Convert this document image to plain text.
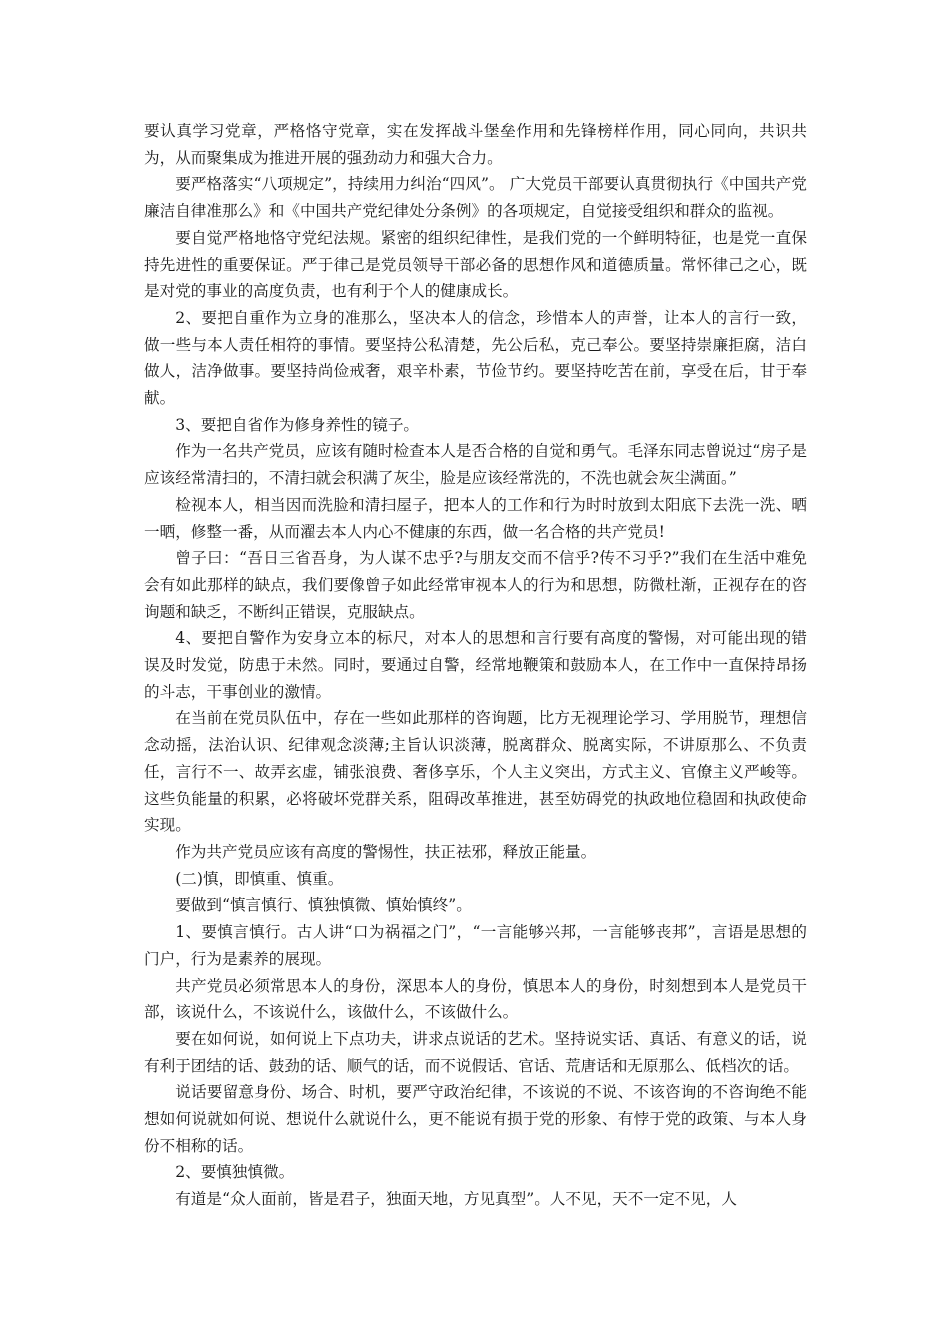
要认真学习党章，严格恪守党章，实在发挥战斗堡垒作用和先锋榜样作用，同心同向，共识共为，从而聚集成为推进开展的强劲动力和强大合力。

要严格落实“八项规定”，持续用力纠治“四风”。 广大党员干部要认真贯彻执行《中国共产党廉洁自律准那么》和《中国共产党纪律处分条例》的各项规定，自觉接受组织和群众的监视。

要自觉严格地恪守党纪法规。紧密的组织纪律性，是我们党的一个鲜明特征，也是党一直保持先进性的重要保证。严于律己是党员领导干部必备的思想作风和道德质量。常怀律己之心，既是对党的事业的高度负责，也有利于个人的健康成长。

2、要把自重作为立身的准那么，坚决本人的信念，珍惜本人的声誉，让本人的言行一致，做一些与本人责任相符的事情。要坚持公私清楚，先公后私，克己奉公。要坚持崇廉拒腐，洁白做人，洁净做事。要坚持尚俭戒奢，艰辛朴素，节俭节约。要坚持吃苦在前，享受在后，甘于奉献。

3、要把自省作为修身养性的镜子。

作为一名共产党员，应该有随时检查本人是否合格的自觉和勇气。毛泽东同志曾说过“房子是应该经常清扫的，不清扫就会积满了灰尘，脸是应该经常洗的，不洗也就会灰尘满面。”

检视本人，相当因而洗脸和清扫屋子，把本人的工作和行为时时放到太阳底下去洗一洗、晒一晒，修整一番，从而濯去本人内心不健康的东西，做一名合格的共产党员!

曾子曰：“吾日三省吾身，为人谋不忠乎?与朋友交而不信乎?传不习乎?”我们在生活中难免会有如此那样的缺点，我们要像曾子如此经常审视本人的行为和思想，防微杜渐，正视存在的咨询题和缺乏，不断纠正错误，克服缺点。

4、要把自警作为安身立本的标尺，对本人的思想和言行要有高度的警惕，对可能出现的错误及时发觉，防患于未然。同时，要通过自警，经常地鞭策和鼓励本人，在工作中一直保持昂扬的斗志，干事创业的激情。

在当前在党员队伍中，存在一些如此那样的咨询题，比方无视理论学习、学用脱节，理想信念动摇，法治认识、纪律观念淡薄;主旨认识淡薄，脱离群众、脱离实际，不讲原那么、不负责任，言行不一、故弄玄虚，铺张浪费、奢侈享乐，个人主义突出，方式主义、官僚主义严峻等。这些负能量的积累，必将破坏党群关系，阻碍改革推进，甚至妨碍党的执政地位稳固和执政使命实现。

作为共产党员应该有高度的警惕性，扶正祛邪，释放正能量。

(二)慎，即慎重、慎重。

要做到“慎言慎行、慎独慎微、慎始慎终”。

1、要慎言慎行。古人讲“口为祸福之门”，“一言能够兴邦，一言能够丧邦”，言语是思想的门户，行为是素养的展现。

共产党员必须常思本人的身份，深思本人的身份，慎思本人的身份，时刻想到本人是党员干部，该说什么，不该说什么，该做什么，不该做什么。

要在如何说，如何说上下点功夫，讲求点说话的艺术。坚持说实话、真话、有意义的话，说有利于团结的话、鼓劲的话、顺气的话，而不说假话、官话、荒唐话和无原那么、低档次的话。

说话要留意身份、场合、时机，要严守政治纪律，不该说的不说、不该咨询的不咨询绝不能想如何说就如何说、想说什么就说什么，更不能说有损于党的形象、有悖于党的政策、与本人身份不相称的话。

2、要慎独慎微。

有道是“众人面前，皆是君子，独面天地，方见真型”。人不见，天不一定不见，人
